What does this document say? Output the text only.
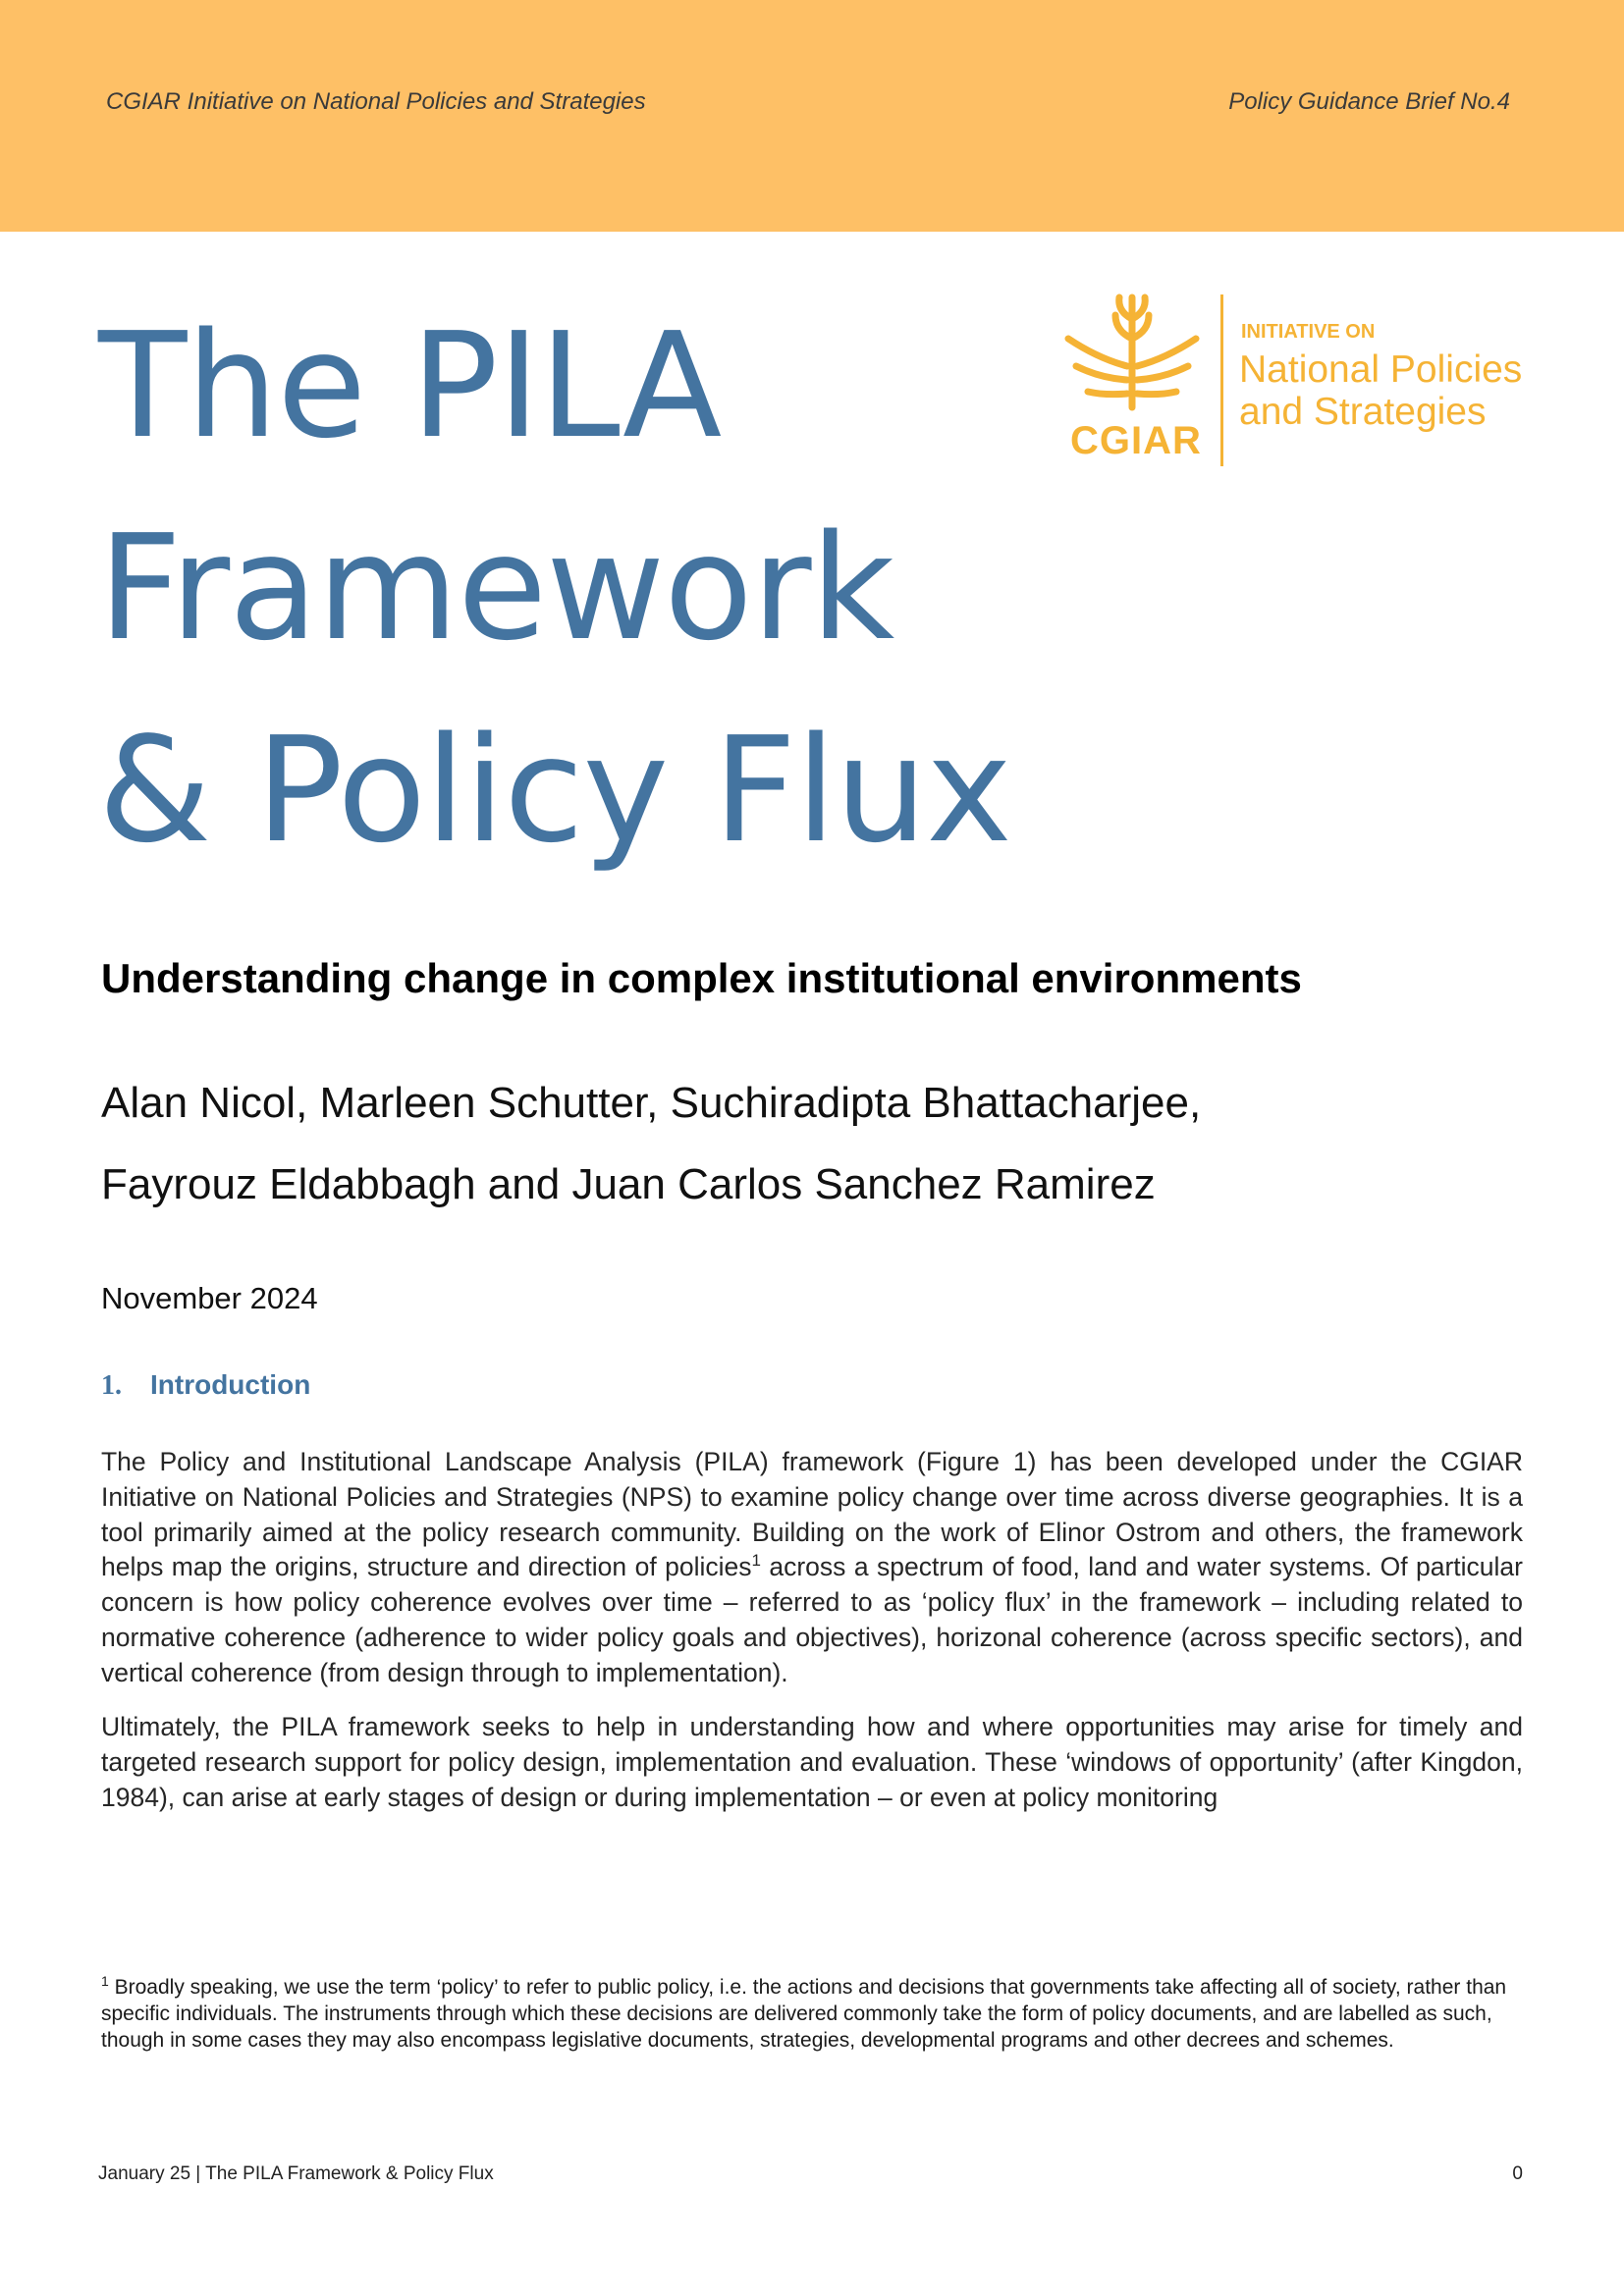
CGIAR Initiative on National Policies and Strategies	Policy Guidance Brief No.4
The PILA
Framework
& Policy Flux
CGIAR
INITIATIVE ON
National Policies
and Strategies
Understanding change in complex institutional environments
Alan Nicol, Marleen Schutter, Suchiradipta Bhattacharjee,
Fayrouz Eldabbagh and Juan Carlos Sanchez Ramirez
November 2024
1. Introduction
The Policy and Institutional Landscape Analysis (PILA) framework (Figure 1) has been developed under the CGIAR Initiative on National Policies and Strategies (NPS) to examine policy change over time across diverse geographies. It is a tool primarily aimed at the policy research community. Building on the work of Elinor Ostrom and others, the framework helps map the origins, structure and direction of policies$^1$ across a spectrum of food, land and water systems. Of particular concern is how policy coherence evolves over time – referred to as ‘policy flux’ in the framework – including related to normative coherence (adherence to wider policy goals and objectives), horizonal coherence (across specific sectors), and vertical coherence (from design through to implementation).
Ultimately, the PILA framework seeks to help in understanding how and where opportunities may arise for timely and targeted research support for policy design, implementation and evaluation. These ‘windows of opportunity’ (after Kingdon, 1984), can arise at early stages of design or during implementation – or even at policy monitoring
$^1$ Broadly speaking, we use the term ‘policy’ to refer to public policy, i.e. the actions and decisions that governments take affecting all of society, rather than specific individuals. The instruments through which these decisions are delivered commonly take the form of policy documents, and are labelled as such, though in some cases they may also encompass legislative documents, strategies, developmental programs and other decrees and schemes.
January 25 | The PILA Framework & Policy Flux	0
